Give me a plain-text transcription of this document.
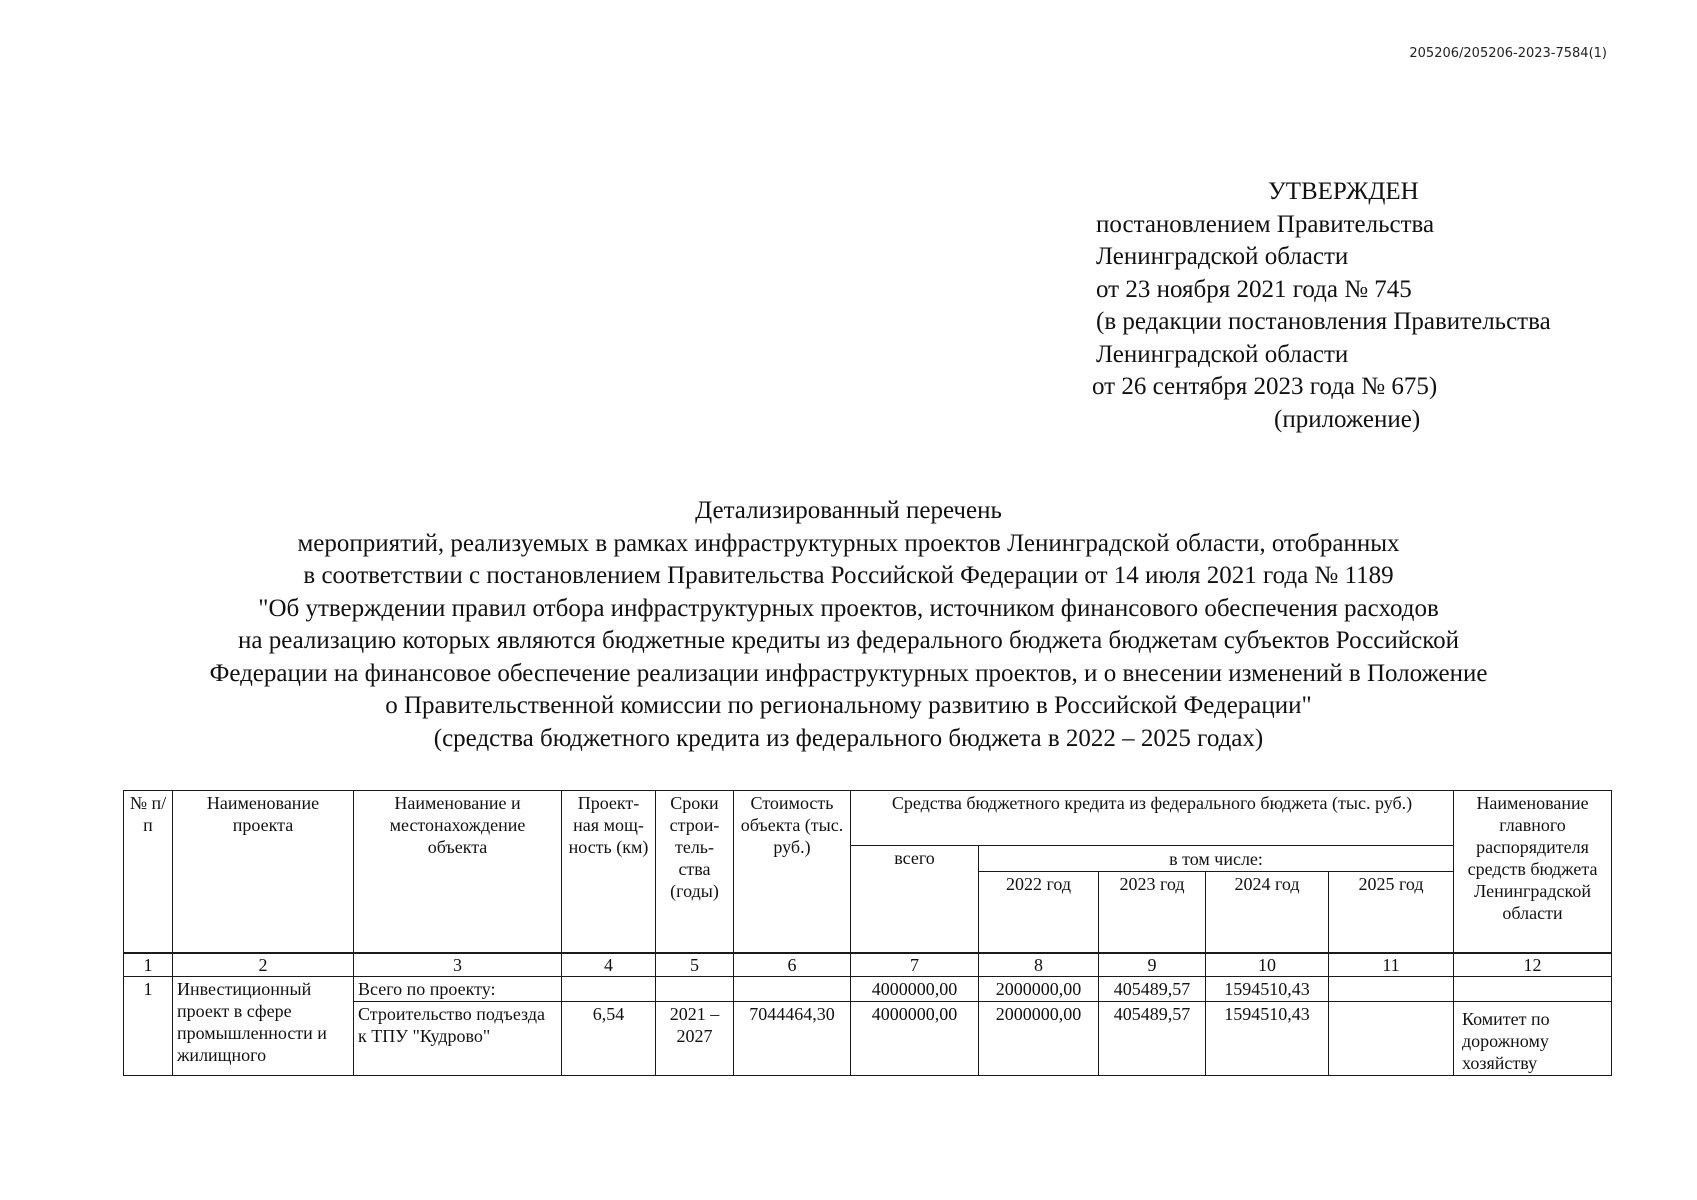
205206/205206-2023-7584(1)
УТВЕРЖДЕН
постановлением Правительства
Ленинградской области
от 23 ноября 2021 года № 745
(в редакции постановления Правительства
Ленинградской области
от 26 сентября 2023 года № 675)
(приложение)
Детализированный перечень
мероприятий, реализуемых в рамках инфраструктурных проектов Ленинградской области, отобранных
в соответствии с постановлением Правительства Российской Федерации от 14 июля 2021 года № 1189
"Об утверждении правил отбора инфраструктурных проектов, источником финансового обеспечения расходов
на реализацию которых являются бюджетные кредиты из федерального бюджета бюджетам субъектов Российской
Федерации на финансовое обеспечение реализации инфраструктурных проектов, и о внесении изменений в Положение
о Правительственной комиссии по региональному развитию в Российской Федерации"
(средства бюджетного кредита из федерального бюджета в 2022 – 2025 годах)
№ п/п	Наименование проекта	Наименование и местонахождение объекта	Проект-ная мощ-ность (км)	Сроки строи-тель-ства (годы)	Стоимость объекта (тыс. руб.)	Средства бюджетного кредита из федерального бюджета (тыс. руб.)					Наименование главного распорядителя средств бюджета Ленинградской области
						всего	в том числе:				
							2022 год	2023 год	2024 год	2025 год	
1	2	3	4	5	6	7	8	9	10	11	12
1	Инвестиционный проект в сфере промышленности и жилищного	Всего по проекту:				4000000,00	2000000,00	405489,57	1594510,43		
		Строительство подъезда к ТПУ "Кудрово"	6,54	2021 – 2027	7044464,30	4000000,00	2000000,00	405489,57	1594510,43		Комитет по дорожному хозяйству
